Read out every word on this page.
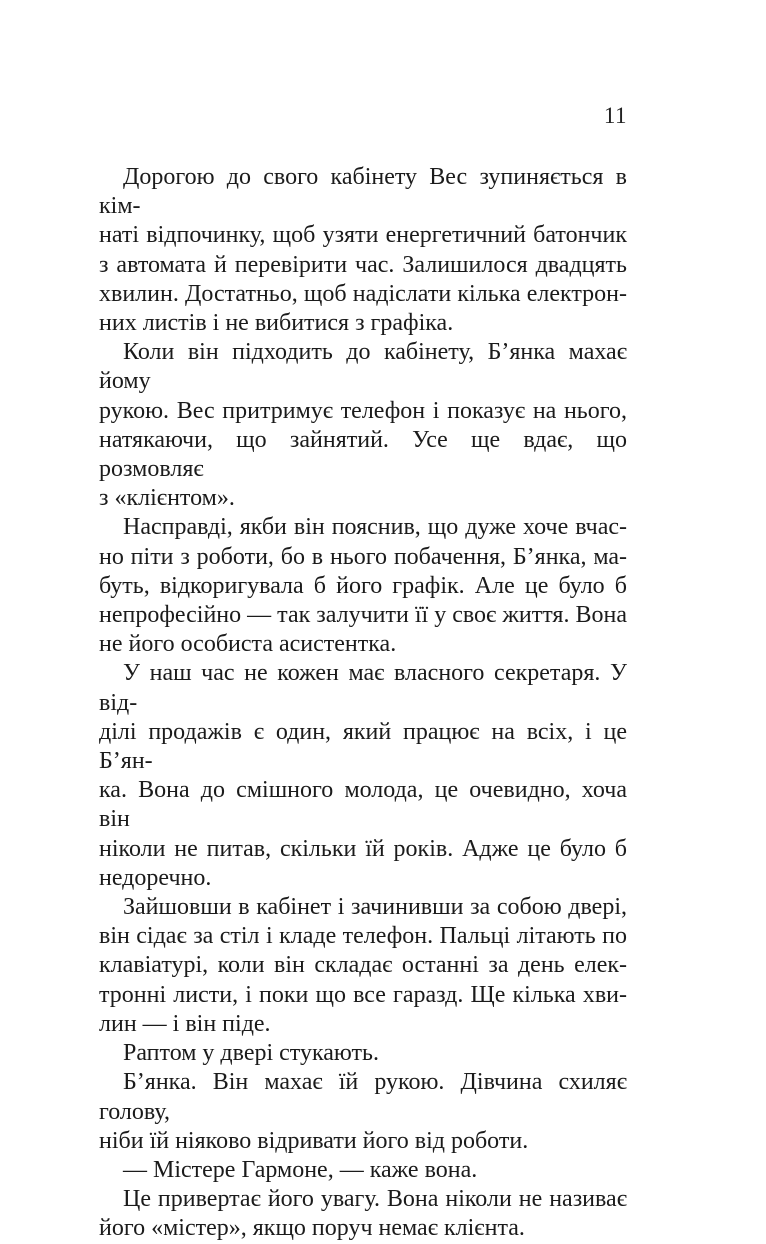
11
Дорогою до свого кабінету Вес зупиняється в кім-
наті відпочинку, щоб узяти енергетичний батончик
з автомата й перевірити час. Залишилося двадцять
хвилин. Достатньо, щоб надіслати кілька електрон-
них листів і не вибитися з графіка.
Коли він підходить до кабінету, Б’янка махає йому
рукою. Вес притримує телефон і показує на нього,
натякаючи, що зайнятий. Усе ще вдає, що розмовляє
з «клієнтом».
Насправді, якби він пояснив, що дуже хоче вчас-
но піти з роботи, бо в нього побачення, Б’янка, ма-
буть, відкоригувала б його графік. Але це було б
непрофесійно — так залучити її у своє життя. Вона
не його особиста асистентка.
У наш час не кожен має власного секретаря. У від-
ділі продажів є один, який працює на всіх, і це Б’ян-
ка. Вона до смішного молода, це очевидно, хоча він
ніколи не питав, скільки їй років. Адже це було б
недоречно.
Зайшовши в кабінет і зачинивши за собою двері,
він сідає за стіл і кладе телефон. Пальці літають по
клавіатурі, коли він складає останні за день елек-
тронні листи, і поки що все гаразд. Ще кілька хви-
лин — і він піде.
Раптом у двері стукають.
Б’янка. Він махає їй рукою. Дівчина схиляє голову,
ніби їй ніяково відривати його від роботи.
— Містере Гармоне, — каже вона.
Це привертає його увагу. Вона ніколи не називає
його «містер», якщо поруч немає клієнта.
